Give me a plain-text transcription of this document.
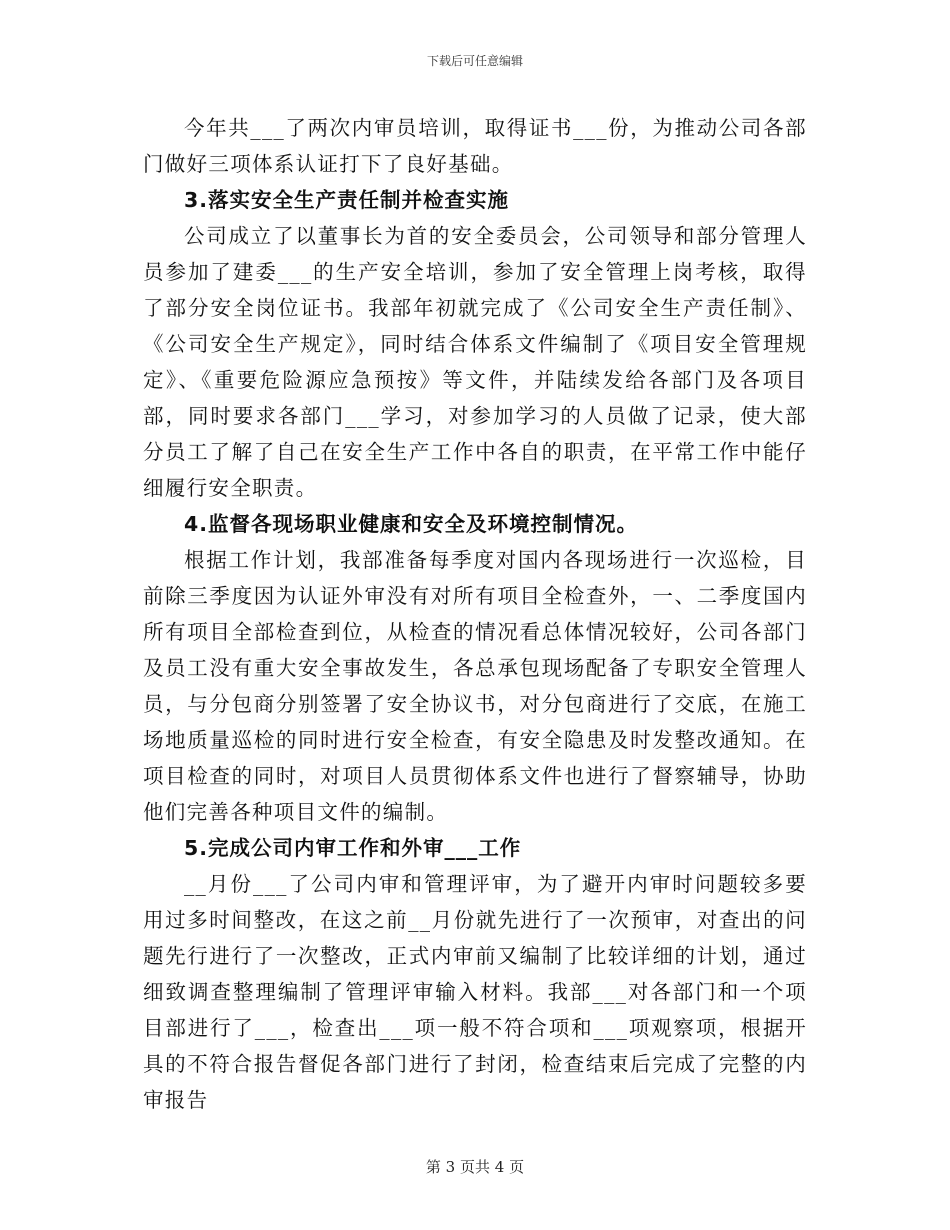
下载后可任意编辑

今年共___了两次内审员培训，取得证书___份，为推动公司各部门做好三项体系认证打下了良好基础。

3.落实安全生产责任制并检查实施

公司成立了以董事长为首的安全委员会，公司领导和部分管理人员参加了建委___的生产安全培训，参加了安全管理上岗考核，取得了部分安全岗位证书。我部年初就完成了《公司安全生产责任制》、《公司安全生产规定》，同时结合体系文件编制了《项目安全管理规定》、《重要危险源应急预按》等文件，并陆续发给各部门及各项目部，同时要求各部门___学习，对参加学习的人员做了记录，使大部分员工了解了自己在安全生产工作中各自的职责，在平常工作中能仔细履行安全职责。

4.监督各现场职业健康和安全及环境控制情况。

根据工作计划，我部准备每季度对国内各现场进行一次巡检，目前除三季度因为认证外审没有对所有项目全检查外，一、二季度国内所有项目全部检查到位，从检查的情况看总体情况较好，公司各部门及员工没有重大安全事故发生，各总承包现场配备了专职安全管理人员，与分包商分别签署了安全协议书，对分包商进行了交底，在施工场地质量巡检的同时进行安全检查，有安全隐患及时发整改通知。在项目检查的同时，对项目人员贯彻体系文件也进行了督察辅导，协助他们完善各种项目文件的编制。

5.完成公司内审工作和外审___工作

__月份___了公司内审和管理评审，为了避开内审时问题较多要用过多时间整改，在这之前__月份就先进行了一次预审，对查出的问题先行进行了一次整改，正式内审前又编制了比较详细的计划，通过细致调查整理编制了管理评审输入材料。我部___对各部门和一个项目部进行了___，检查出___项一般不符合项和___项观察项，根据开具的不符合报告督促各部门进行了封闭，检查结束后完成了完整的内审报告

第 3 页共 4 页
